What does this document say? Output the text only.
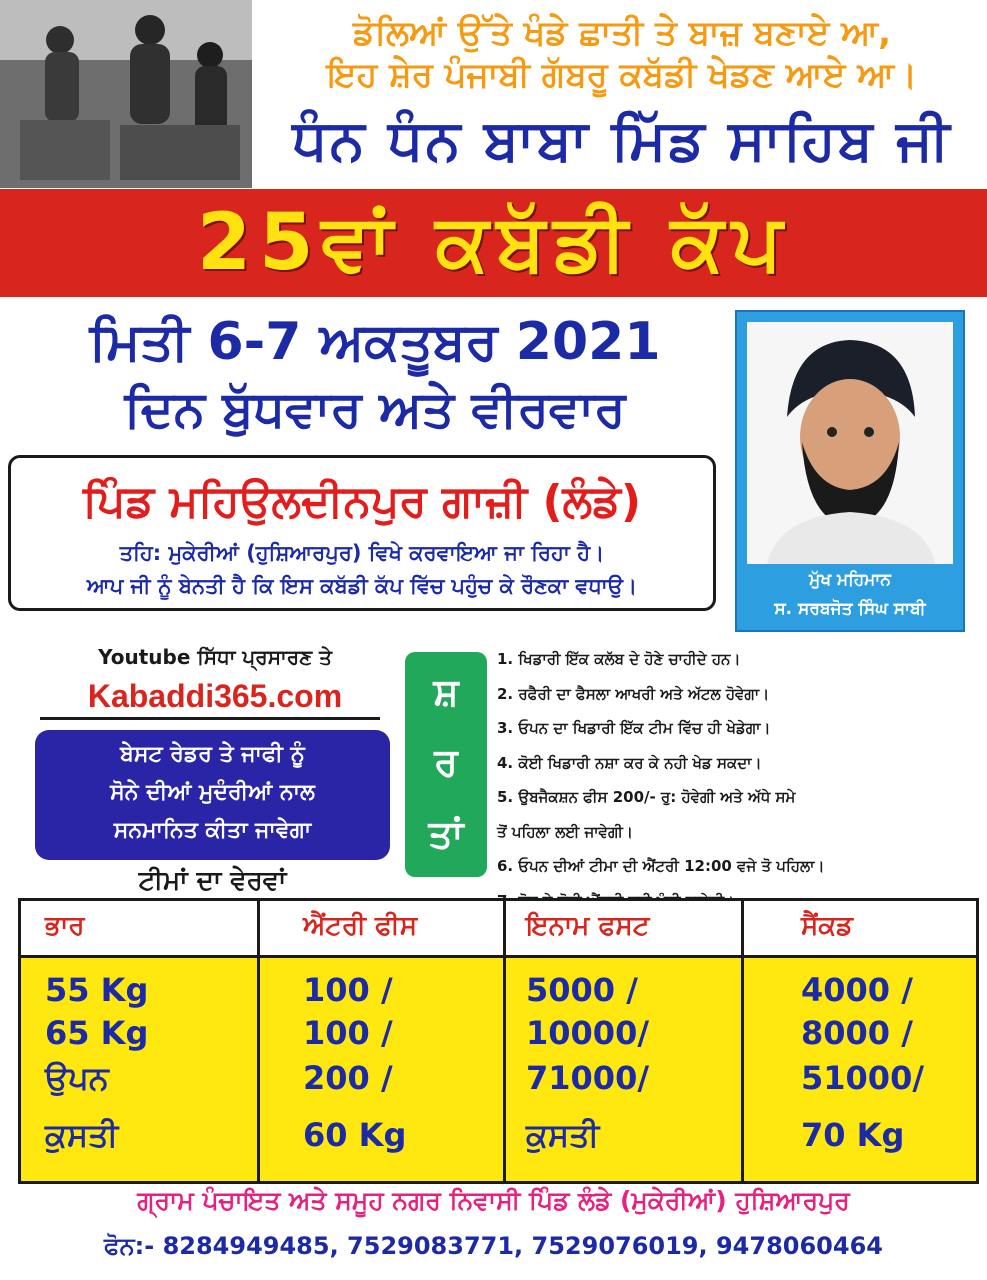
ਡੋਲਿਆਂ ਉੱਤੇ ਖੰਡੇ ਛਾਤੀ ਤੇ ਬਾਜ਼ ਬਣਾਏ ਆ,
ਇਹ ਸ਼ੇਰ ਪੰਜਾਬੀ ਗੱਬਰੂ ਕਬੱਡੀ ਖੇਡਣ ਆਏ ਆ।
ਧੰਨ ਧੰਨ ਬਾਬਾ ਮਿੱਡ ਸਾਹਿਬ ਜੀ
25ਵਾਂ ਕਬੱਡੀ ਕੱਪ
ਮਿਤੀ 6-7 ਅਕਤੂਬਰ 2021
ਦਿਨ ਬੁੱਧਵਾਰ ਅਤੇ ਵੀਰਵਾਰ
ਪਿੰਡ ਮਹਿਉਲਦੀਨਪੁਰ ਗਾਜ਼ੀ (ਲੰਡੇ)
ਤਹਿ: ਮੁਕੇਰੀਆਂ (ਹੁਸ਼ਿਆਰਪੁਰ) ਵਿਖੇ ਕਰਵਾਇਆ ਜਾ ਰਿਹਾ ਹੈ।
ਆਪ ਜੀ ਨੂੰ ਬੇਨਤੀ ਹੈ ਕਿ ਇਸ ਕਬੱਡੀ ਕੱਪ ਵਿੱਚ ਪਹੁੰਚ ਕੇ ਰੌਣਕਾ ਵਧਾਉ।	ਮੁੱਖ ਮਹਿਮਾਨ
ਸ. ਸਰਬਜੋਤ ਸਿੰਘ ਸਾਬੀ
Youtube ਸਿੱਧਾ ਪ੍ਰਸਾਰਣ ਤੇ
Kabaddi365.com
ਬੇਸਟ ਰੇਡਰ ਤੇ ਜਾਫੀ ਨੂੰ
ਸੋਨੇ ਦੀਆਂ ਮੁਦੰਰੀਆਂ ਨਾਲ
ਸਨਮਾਨਿਤ ਕੀਤਾ ਜਾਵੇਗਾ
ਟੀਮਾਂ ਦਾ ਵੇਰਵਾਂ
ਸ਼
ਰ
ਤਾਂ
1. ਖਿਡਾਰੀ ਇੱਕ ਕਲੱਬ ਦੇ ਹੋਣੇ ਚਾਹੀਦੇ ਹਨ।
2. ਰਫੈਰੀ ਦਾ ਫੈਸਲਾ ਆਖਰੀ ਅਤੇ ਅੱਟਲ ਹੋਵੇਗਾ।
3. ਓਪਨ ਦਾ ਖਿਡਾਰੀ ਇੱਕ ਟੀਮ ਵਿੱਚ ਹੀ ਖੇਡੇਗਾ।
4. ਕੋਈ ਖਿਡਾਰੀ ਨਸ਼ਾ ਕਰ ਕੇ ਨਹੀ ਖੇਡ ਸਕਦਾ।
5. ਉਬਜੈਕਸ਼ਨ ਫੀਸ 200/- ਰੁ: ਹੋਵੇਗੀ ਅਤੇ ਅੱਧੇ ਸਮੇ
ਤੋਂ ਪਹਿਲਾ ਲਈ ਜਾਵੇਗੀ।
6. ਓਪਨ ਦੀਆਂ ਟੀਮਾ ਦੀ ਐਂਟਰੀ 12:00 ਵਜੇ ਤੋ ਪਹਿਲਾ।
ਭਾਰ	ਐਂਟਰੀ ਫੀਸ	ਇਨਾਮ ਫਸਟ	ਸੈਂਕਡ
55 Kg	100 /	5000 /	4000 /
65 Kg	100 /	10000/	8000 /
ਉਪਨ	200 /	71000/	51000/
ਕੁਸਤੀ	60 Kg	ਕੁਸਤੀ	70 Kg
ਗ੍ਰਾਮ ਪੰਚਾਇਤ ਅਤੇ ਸਮੂਹ ਨਗਰ ਨਿਵਾਸੀ ਪਿੰਡ ਲੰਡੇ (ਮੁਕੇਰੀਆਂ) ਹੁਸ਼ਿਆਰਪੁਰ
ਫੋਨ:- 8284949485, 7529083771, 7529076019, 9478060464
